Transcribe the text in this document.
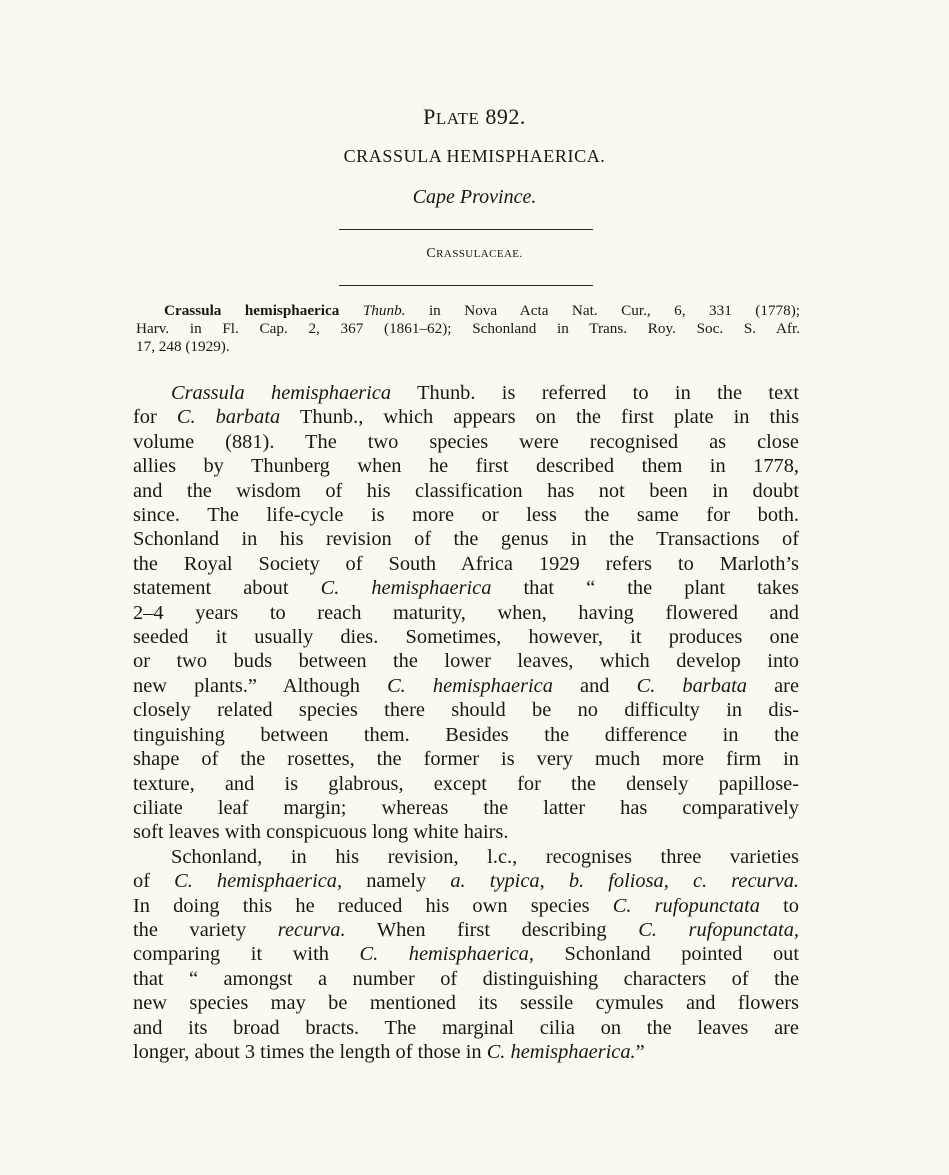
PLATE 892.
CRASSULA HEMISPHAERICA.
Cape Province.
CRASSULACEAE.
Crassula hemisphaerica Thunb. in Nova Acta Nat. Cur., 6, 331 (1778);
Harv. in Fl. Cap. 2, 367 (1861–62); Schonland in Trans. Roy. Soc. S. Afr.
17, 248 (1929).
Crassula hemisphaerica Thunb. is referred to in the text
for C. barbata Thunb., which appears on the first plate in this
volume (881). The two species were recognised as close
allies by Thunberg when he first described them in 1778,
and the wisdom of his classification has not been in doubt
since. The life-cycle is more or less the same for both.
Schonland in his revision of the genus in the Transactions of
the Royal Society of South Africa 1929 refers to Marloth’s
statement about C. hemisphaerica that “ the plant takes
2–4 years to reach maturity, when, having flowered and
seeded it usually dies. Sometimes, however, it produces one
or two buds between the lower leaves, which develop into
new plants.” Although C. hemisphaerica and C. barbata are
closely related species there should be no difficulty in dis-
tinguishing between them. Besides the difference in the
shape of the rosettes, the former is very much more firm in
texture, and is glabrous, except for the densely papillose-
ciliate leaf margin; whereas the latter has comparatively
soft leaves with conspicuous long white hairs.
Schonland, in his revision, l.c., recognises three varieties
of C. hemisphaerica, namely a. typica, b. foliosa, c. recurva.
In doing this he reduced his own species C. rufopunctata to
the variety recurva. When first describing C. rufopunctata,
comparing it with C. hemisphaerica, Schonland pointed out
that “ amongst a number of distinguishing characters of the
new species may be mentioned its sessile cymules and flowers
and its broad bracts. The marginal cilia on the leaves are
longer, about 3 times the length of those in C. hemisphaerica.”
